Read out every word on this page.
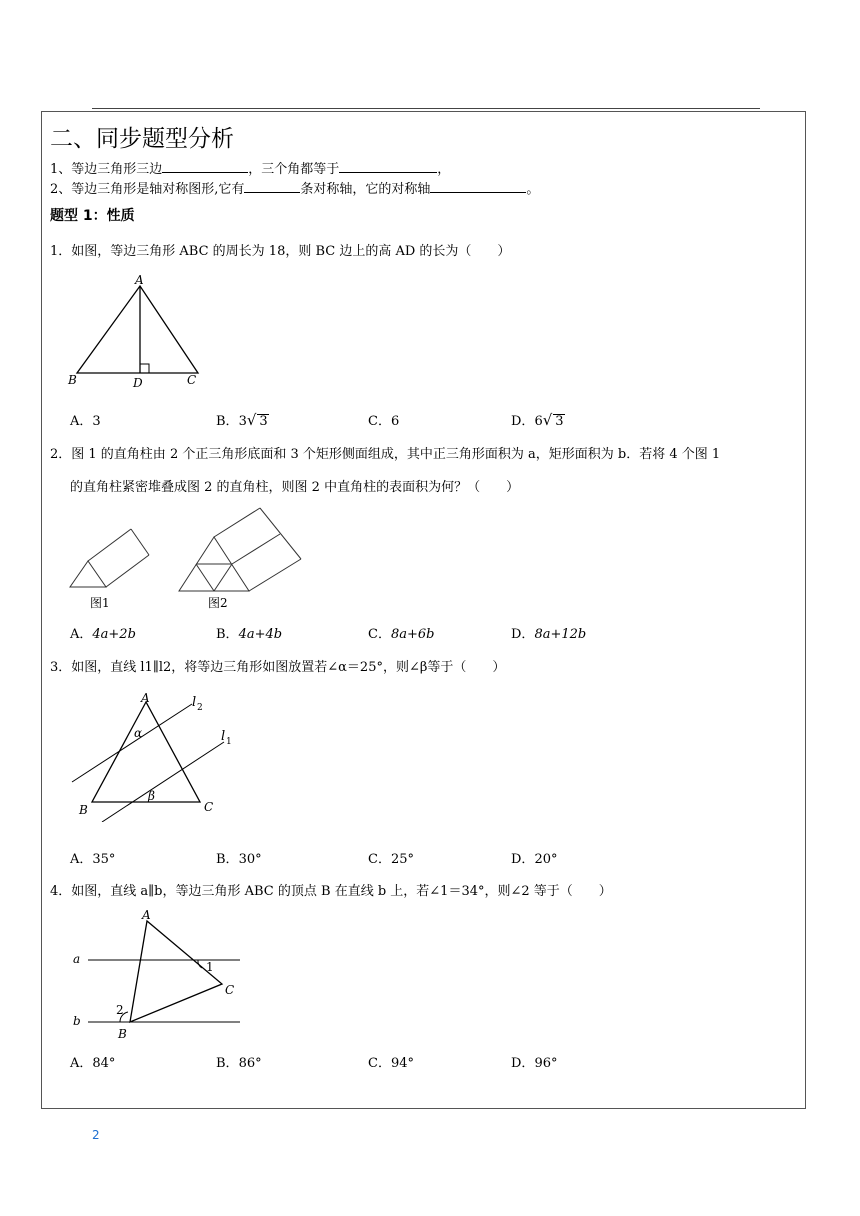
二、同步题型分析
1、等边三角形三边	，三个角都等于	，
2、等边三角形是轴对称图形,它有	条对称轴，它的对称轴	。
题型 1：性质
1．如图，等边三角形 ABC 的周长为 18，则 BC 边上的高 AD 的长为（　　）
A
B	D	C
A．3	B．3√ 3	C．6	D．6√ 3
2．图 1 的直角柱由 2 个正三角形底面和 3 个矩形侧面组成，其中正三角形面积为 a，矩形面积为 b．若将 4 个图 1
的直角柱紧密堆叠成图 2 的直角柱，则图 2 中直角柱的表面积为何？（　　）
图1	图2
A．4a+2b	B．4a+4b	C．8a+6b	D．8a+12b
3．如图，直线 l1∥l2，将等边三角形如图放置若∠α＝25°，则∠β等于（　　）
A
B	C
α
β
l 2
l 1
A．35°	B．30°	C．25°	D．20°
4．如图，直线 a∥b，等边三角形 ABC 的顶点 B 在直线 b 上，若∠1＝34°，则∠2 等于（　　）
A
B
C
a
b
1
2
A．84°	B．86°	C．94°	D．96°
2
